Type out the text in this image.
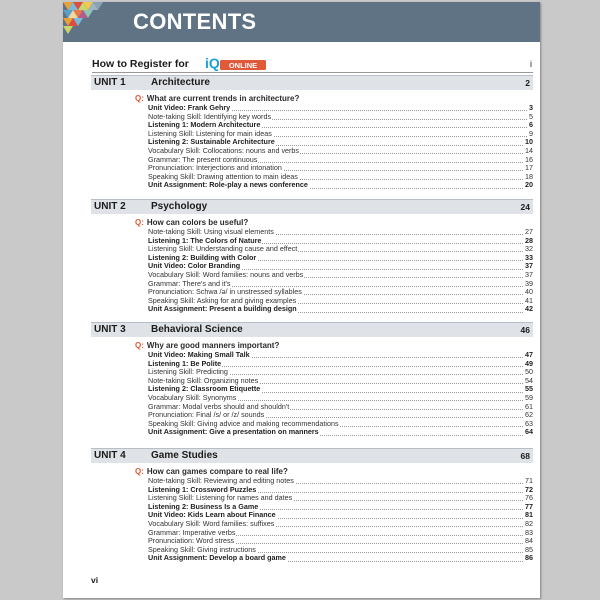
CONTENTS
How to Register for iQ ONLINE	i
UNIT 1	Architecture	2
Q: What are current trends in architecture?
Unit Video: Frank Gehry	3
Note-taking Skill: Identifying key words	5
Listening 1: Modern Architecture	6
Listening Skill: Listening for main ideas	9
Listening 2: Sustainable Architecture	10
Vocabulary Skill: Collocations: nouns and verbs	14
Grammar: The present continuous	16
Pronunciation: Interjections and intonation	17
Speaking Skill: Drawing attention to main ideas	18
Unit Assignment: Role-play a news conference	20
UNIT 2	Psychology	24
Q: How can colors be useful?
Note-taking Skill: Using visual elements	27
Listening 1: The Colors of Nature	28
Listening Skill: Understanding cause and effect	32
Listening 2: Building with Color	33
Unit Video: Color Branding	37
Vocabulary Skill: Word families: nouns and verbs	37
Grammar: There's and it's	39
Pronunciation: Schwa /ə/ in unstressed syllables	40
Speaking Skill: Asking for and giving examples	41
Unit Assignment: Present a building design	42
UNIT 3	Behavioral Science	46
Q: Why are good manners important?
Unit Video: Making Small Talk	47
Listening 1: Be Polite	49
Listening Skill: Predicting	50
Note-taking Skill: Organizing notes	54
Listening 2: Classroom Etiquette	55
Vocabulary Skill: Synonyms	59
Grammar: Modal verbs should and shouldn't	61
Pronunciation: Final /s/ or /z/ sounds	62
Speaking Skill: Giving advice and making recommendations	63
Unit Assignment: Give a presentation on manners	64
UNIT 4	Game Studies	68
Q: How can games compare to real life?
Note-taking Skill: Reviewing and editing notes	71
Listening 1: Crossword Puzzles	72
Listening Skill: Listening for names and dates	76
Listening 2: Business Is a Game	77
Unit Video: Kids Learn about Finance	81
Vocabulary Skill: Word families: suffixes	82
Grammar: Imperative verbs	83
Pronunciation: Word stress	84
Speaking Skill: Giving instructions	85
Unit Assignment: Develop a board game	86
vi
